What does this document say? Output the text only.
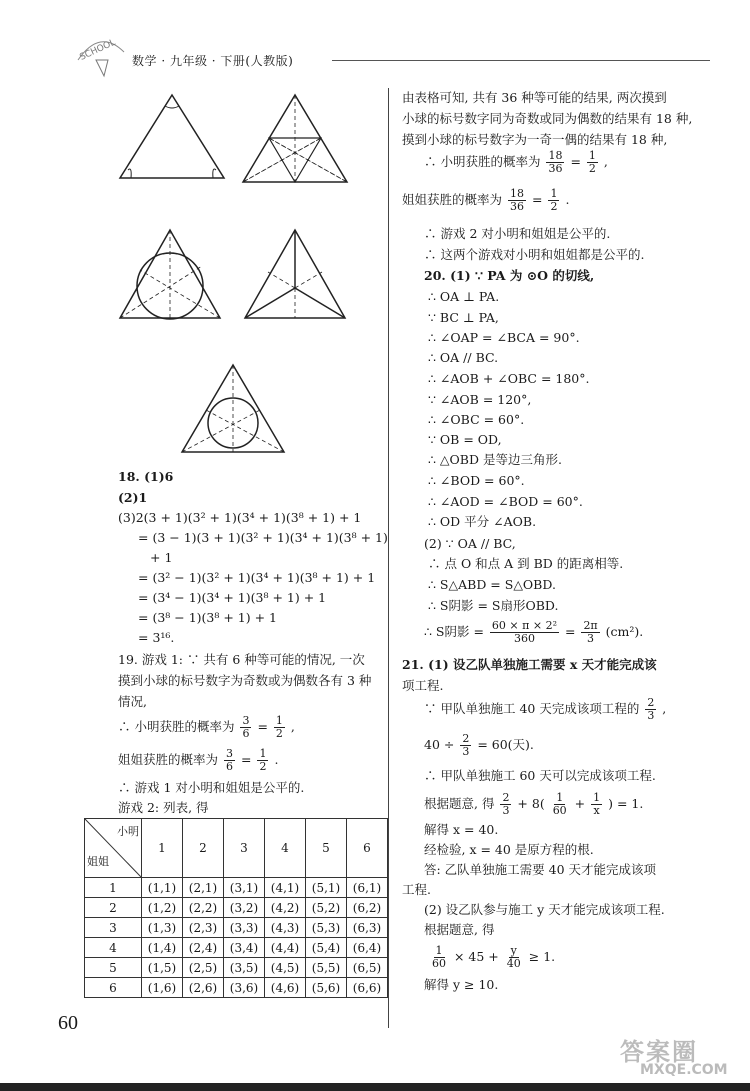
SCHOOL 数学 · 九年级 · 下册(人教版)
18. (1)6
(2)1
(3)2(3 + 1)(3² + 1)(3⁴ + 1)(3⁸ + 1) + 1
= (3 − 1)(3 + 1)(3² + 1)(3⁴ + 1)(3⁸ + 1)
+ 1
= (3² − 1)(3² + 1)(3⁴ + 1)(3⁸ + 1) + 1
= (3⁴ − 1)(3⁴ + 1)(3⁸ + 1) + 1
= (3⁸ − 1)(3⁸ + 1) + 1
= 3¹⁶.
19. 游戏 1: ∵ 共有 6 种等可能的情况, 一次
摸到小球的标号数字为奇数或为偶数各有 3 种
情况,
∴ 小明获胜的概率为 $\frac{3}{6} = \frac{1}{2}$ ,
姐姐获胜的概率为 $\frac{3}{6} = \frac{1}{2}$ .
∴ 游戏 1 对小明和姐姐是公平的.
游戏 2: 列表, 得
小明
姐姐	1	2	3	4	5	6
1	(1,1)	(2,1)	(3,1)	(4,1)	(5,1)	(6,1)
2	(1,2)	(2,2)	(3,2)	(4,2)	(5,2)	(6,2)
3	(1,3)	(2,3)	(3,3)	(4,3)	(5,3)	(6,3)
4	(1,4)	(2,4)	(3,4)	(4,4)	(5,4)	(6,4)
5	(1,5)	(2,5)	(3,5)	(4,5)	(5,5)	(6,5)
6	(1,6)	(2,6)	(3,6)	(4,6)	(5,6)	(6,6)
由表格可知, 共有 36 种等可能的结果, 两次摸到
小球的标号数字同为奇数或同为偶数的结果有 18 种,
摸到小球的标号数字为一奇一偶的结果有 18 种,
∴ 小明获胜的概率为 $\frac{18}{36} = \frac{1}{2}$ ,
姐姐获胜的概率为 $\frac{18}{36} = \frac{1}{2}$ .
∴ 游戏 2 对小明和姐姐是公平的.
∴ 这两个游戏对小明和姐姐都是公平的.
20. (1) ∵ PA 为 ⊙O 的切线,
∴ OA ⊥ PA.
∵ BC ⊥ PA,
∴ ∠OAP = ∠BCA = 90°.
∴ OA // BC.
∴ ∠AOB + ∠OBC = 180°.
∵ ∠AOB = 120°,
∴ ∠OBC = 60°.
∵ OB = OD,
∴ △OBD 是等边三角形.
∴ ∠BOD = 60°.
∴ ∠AOD = ∠BOD = 60°.
∴ OD 平分 ∠AOB.
(2) ∵ OA // BC,
∴ 点 O 和点 A 到 BD 的距离相等.
∴ S△ABD = S△OBD.
∴ S阴影 = S扇形OBD.
∴ S阴影 = $\frac{\text{60 × π × 2²}}{360} = \frac{2\pi}{3} (cm^2)$.
21. (1) 设乙队单独施工需要 x 天才能完成该
项工程.
∵ 甲队单独施工 40 天完成该项工程的 $\frac{2}{3}$ ,
$40 \div \frac{2}{3} = 60$(天).
∴ 甲队单独施工 60 天可以完成该项工程.
根据题意, 得 $\frac{2}{3} + 8( \frac{1}{60} + \frac{1}{x}$ ) = 1.
解得 x = 40.
经检验, x = 40 是原方程的根.
答: 乙队单独施工需要 40 天才能完成该项
工程.
(2) 设乙队参与施工 y 天才能完成该项工程.
根据题意, 得
$\frac{1}{60} \times 45 + \frac{y}{40} \ge 1$.
解得 y ≥ 10.
60
答案圈
MXQE.COM
